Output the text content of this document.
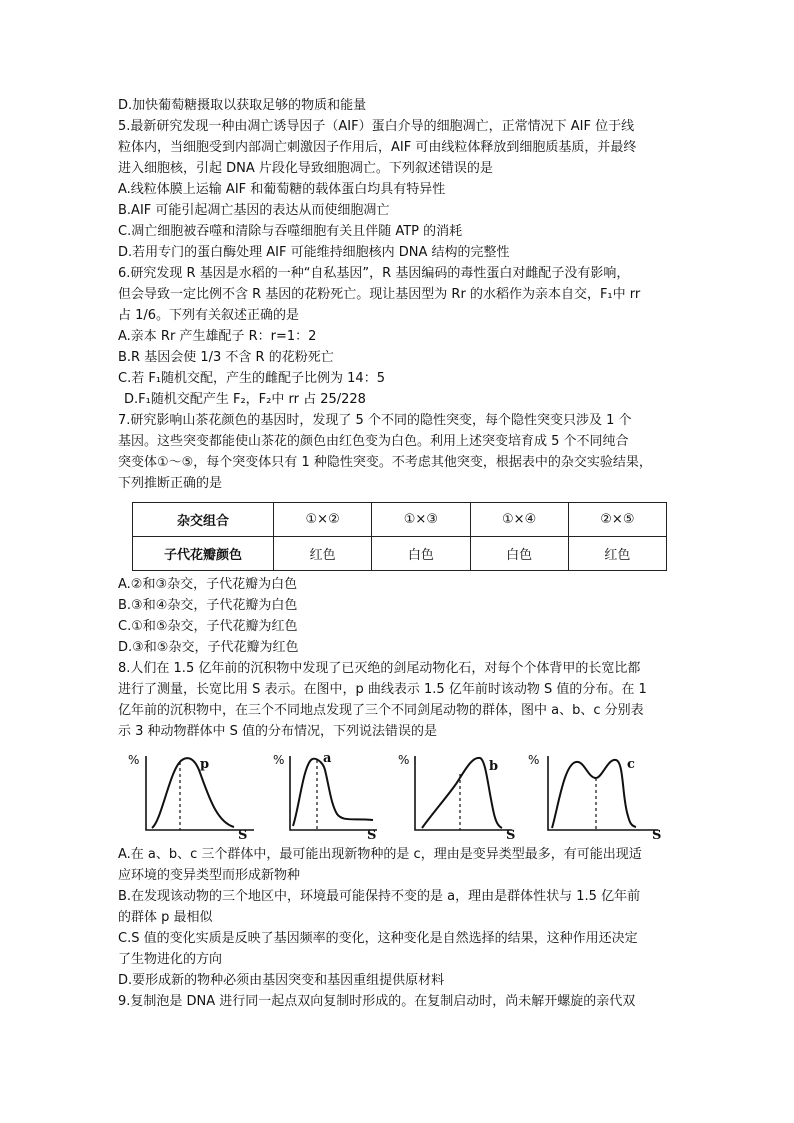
D.加快葡萄糖摄取以获取足够的物质和能量
5.最新研究发现一种由凋亡诱导因子（AIF）蛋白介导的细胞凋亡，正常情况下 AIF 位于线
粒体内，当细胞受到内部凋亡刺激因子作用后，AIF 可由线粒体释放到细胞质基质，并最终
进入细胞核，引起 DNA 片段化导致细胞凋亡。下列叙述错误的是
A.线粒体膜上运输 AIF 和葡萄糖的载体蛋白均具有特异性
B.AIF 可能引起凋亡基因的表达从而使细胞凋亡
C.凋亡细胞被吞噬和清除与吞噬细胞有关且伴随 ATP 的消耗
D.若用专门的蛋白酶处理 AIF 可能维持细胞核内 DNA 结构的完整性
6.研究发现 R 基因是水稻的一种“自私基因”，R 基因编码的毒性蛋白对雌配子没有影响，
但会导致一定比例不含 R 基因的花粉死亡。现让基因型为 Rr 的水稻作为亲本自交，F₁中 rr
占 1/6。下列有关叙述正确的是
A.亲本 Rr 产生雄配子 R：r=1：2
B.R 基因会使 1/3 不含 R 的花粉死亡
C.若 F₁随机交配，产生的雌配子比例为 14：5
D.F₁随机交配产生 F₂，F₂中 rr 占 25/228
7.研究影响山茶花颜色的基因时，发现了 5 个不同的隐性突变，每个隐性突变只涉及 1 个
基因。这些突变都能使山茶花的颜色由红色变为白色。利用上述突变培育成 5 个不同纯合
突变体①～⑤，每个突变体只有 1 种隐性突变。不考虑其他突变，根据表中的杂交实验结果，
下列推断正确的是
杂交组合	①×②	①×③	①×④	②×⑤
子代花瓣颜色	红色	白色	白色	红色
A.②和③杂交，子代花瓣为白色
B.③和④杂交，子代花瓣为白色
C.①和⑤杂交，子代花瓣为红色
D.③和⑤杂交，子代花瓣为红色
8.人们在 1.5 亿年前的沉积物中发现了已灭绝的剑尾动物化石，对每个个体背甲的长宽比都
进行了测量，长宽比用 S 表示。在图中，p 曲线表示 1.5 亿年前时该动物 S 值的分布。在 1
亿年前的沉积物中，在三个不同地点发现了三个不同剑尾动物的群体，图中 a、b、c 分别表
示 3 种动物群体中 S 值的分布情况，下列说法错误的是
%	p
S
%	a
S
%	b
S
%	c
S
A.在 a、b、c 三个群体中，最可能出现新物种的是 c，理由是变异类型最多，有可能出现适
应环境的变异类型而形成新物种
B.在发现该动物的三个地区中，环境最可能保持不变的是 a，理由是群体性状与 1.5 亿年前
的群体 p 最相似
C.S 值的变化实质是反映了基因频率的变化，这种变化是自然选择的结果，这种作用还决定
了生物进化的方向
D.要形成新的物种必须由基因突变和基因重组提供原材料
9.复制泡是 DNA 进行同一起点双向复制时形成的。在复制启动时，尚未解开螺旋的亲代双
